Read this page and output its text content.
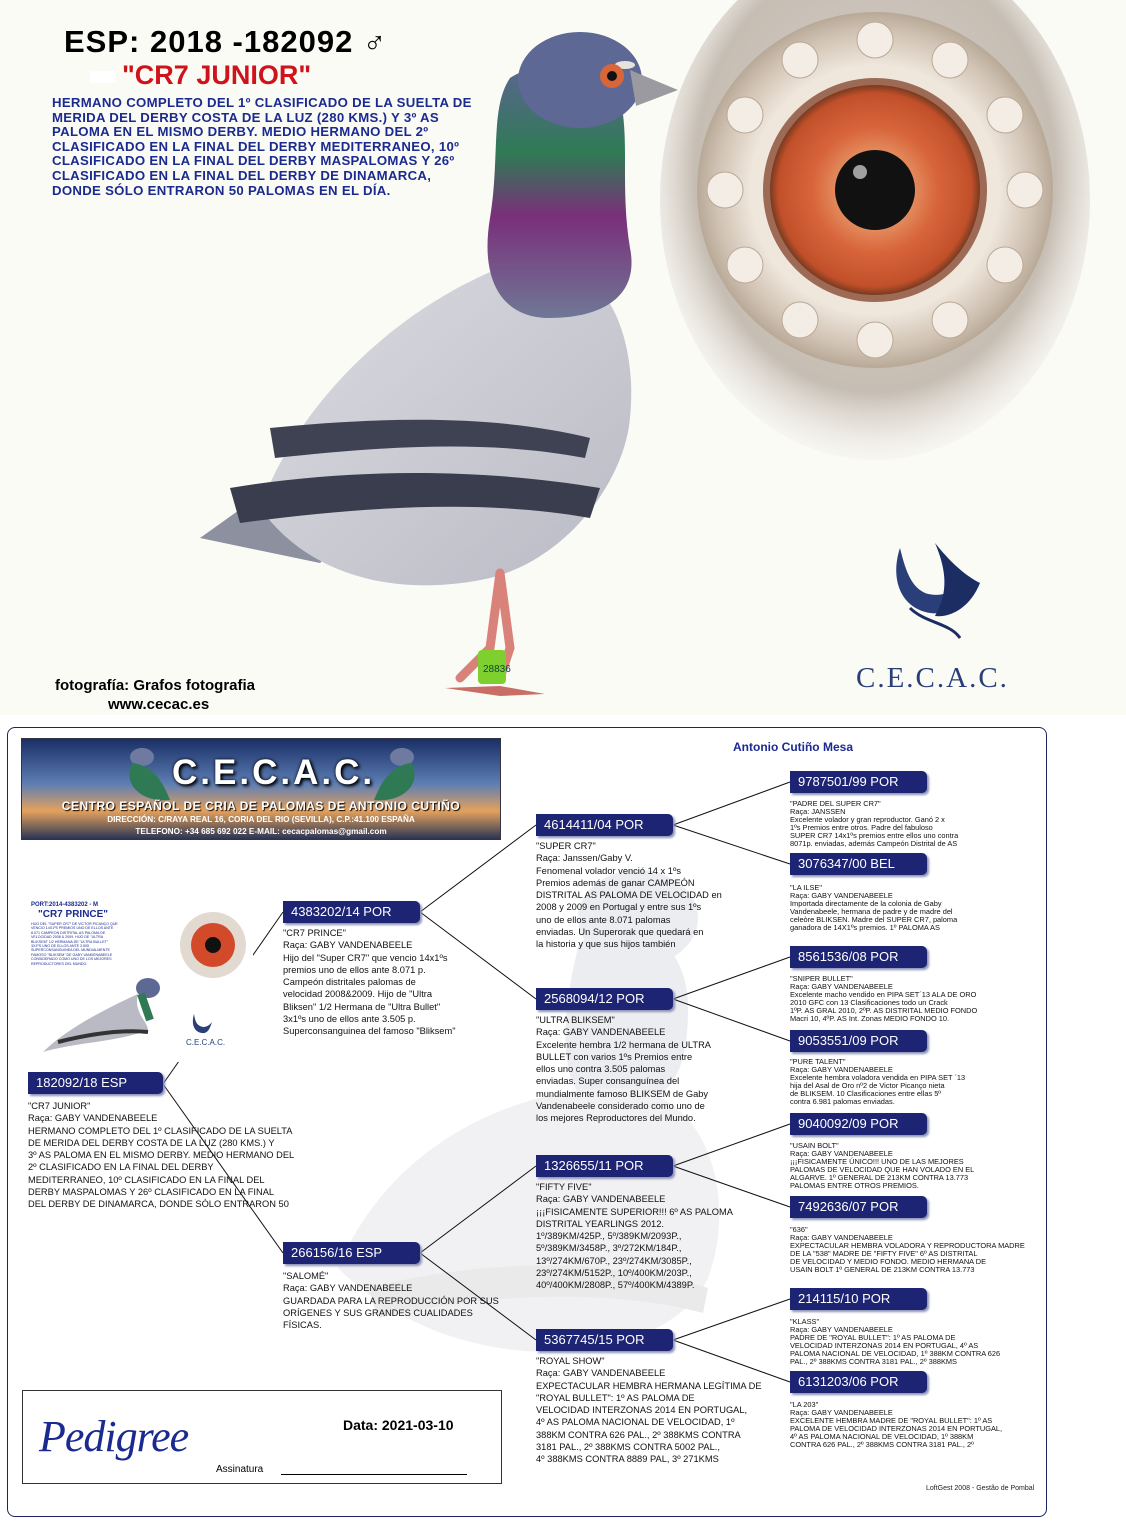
28836
ESP: 2018 -182092 ♂
"CR7 JUNIOR"
HERMANO COMPLETO DEL 1º CLASIFICADO DE LA SUELTA DE MERIDA DEL DERBY COSTA DE LA LUZ (280 KMS.) Y 3º AS PALOMA EN EL MISMO DERBY. MEDIO HERMANO DEL 2º CLASIFICADO EN LA FINAL DEL DERBY MEDITERRANEO, 10º CLASIFICADO EN LA FINAL DEL DERBY MASPALOMAS Y 26º CLASIFICADO EN LA FINAL DEL DERBY DE DINAMARCA, DONDE SÓLO ENTRARON 50 PALOMAS EN EL DÍA.
fotografía: Grafos fotografia
www.cecac.es
C.E.C.A.C.
Antonio Cutiño Mesa
C.E.C.A.C.
CENTRO ESPAÑOL DE CRIA DE PALOMAS DE ANTONIO CUTIÑO
DIRECCIÓN: C/RAYA REAL 16, CORIA DEL RIO (SEVILLA), C.P.:41.100 ESPAÑA
TELEFONO: +34 685 692 022 E-MAIL: cecacpalomas@gmail.com
PORT:2014-4383202 - M
"CR7 PRINCE"
HIJO DEL "SUPER CR7" DE VICTOR PICANÇO QUE VENCIO 14X1ºS PREMIOS UNO DE ELLOS ANTE 8.071 CAMPEON DISTRITAL AS PALOMA DE VELOCIDAD 2008 & 2009. HIJO DE "ULTRA BLIKSEM" 1/2 HERMANA DE "ULTRA BULLET" 3X1ºS UNO DE ELLOS ANTE 3.505 SUPERCONSANGUINEA DEL MUNDIALMENTE FAMOSO "BLIKSEM" DE GABY VANDENABEELE CONSIDERADO COMO UNO DE LOS MEJORES REPRODUCTORES DEL MUNDO.
C.E.C.A.C.
182092/18 ESP
"CR7 JUNIOR"
Raça: GABY VANDENABEELE
HERMANO COMPLETO DEL 1º CLASIFICADO DE LA SUELTA
DE MERIDA DEL DERBY COSTA DE LA LUZ (280 KMS.) Y
3º AS PALOMA EN EL MISMO DERBY. MEDIO HERMANO DEL
2º CLASIFICADO EN LA FINAL DEL DERBY
MEDITERRANEO, 10º CLASIFICADO EN LA FINAL DEL
DERBY MASPALOMAS Y 26º CLASIFICADO EN LA FINAL
DEL DERBY DE DINAMARCA, DONDE SÓLO ENTRARON 50
4383202/14 POR
"CR7 PRINCE"
Raça: GABY VANDENABEELE
Hijo del "Super CR7" que vencio 14x1ºs
premios uno de ellos ante 8.071 p.
Campeón distritales palomas de
velocidad 2008&2009. Hijo de "Ultra
Bliksen" 1/2 Hermana de "Ultra Bullet"
3x1ºs uno de ellos ante 3.505 p.
Superconsanguinea del famoso "Bliksem"
266156/16 ESP
"SALOMÉ"
Raça: GABY VANDENABEELE
GUARDADA PARA LA REPRODUCCIÓN POR SUS
ORÍGENES Y SUS GRANDES CUALIDADES
FÍSICAS.
4614411/04 POR
"SUPER CR7"
Raça: Janssen/Gaby V.
Fenomenal volador venció 14 x 1ºs
Premios además de ganar CAMPEÓN
DISTRITAL AS PALOMA DE VELOCIDAD en
2008 y 2009 en Portugal y entre sus 1ºs
uno de ellos ante 8.071 palomas
enviadas. Un Superorak que quedará en
la historia y que sus hijos también
2568094/12 POR
"ULTRA BLIKSEM"
Raça: GABY VANDENABEELE
Excelente hembra 1/2 hermana de ULTRA
BULLET con varios 1ºs Premios entre
ellos uno contra 3.505 palomas
enviadas. Super consanguínea del
mundialmente famoso BLIKSEM de Gaby
Vandenabeele considerado como uno de
los mejores Reproductores del Mundo.
1326655/11 POR
"FIFTY FIVE"
Raça: GABY VANDENABEELE
¡¡¡FISICAMENTE SUPERIOR!!! 6º AS PALOMA
DISTRITAL YEARLINGS 2012.
1º/389KM/425P., 5º/389KM/2093P.,
5º/389KM/3458P., 3º/272KM/184P.,
13º/274KM/670P., 23º/274KM/3085P.,
23º/274KM/5152P., 10º/400KM/203P.,
40º/400KM/2808P., 57º/400KM/4389P.
5367745/15 POR
"ROYAL SHOW"
Raça: GABY VANDENABEELE
EXPECTACULAR HEMBRA HERMANA LEGÍTIMA DE
"ROYAL BULLET": 1º AS PALOMA DE
VELOCIDAD INTERZONAS 2014 EN PORTUGAL,
4º AS PALOMA NACIONAL DE VELOCIDAD, 1º
388KM CONTRA 626 PAL., 2º 388KMS CONTRA
3181 PAL., 2º 388KMS CONTRA 5002 PAL.,
4º 388KMS CONTRA 8889 PAL, 3º 271KMS
9787501/99 POR
"PADRE DEL SUPER CR7"
Raça: JANSSEN
Excelente volador y gran reproductor. Ganó 2 x
1ºs Premios entre otros. Padre del fabuloso
SUPER CR7 14x1ºs premios entre ellos uno contra
8071p. enviadas, además Campeón Distrital de AS
3076347/00 BEL
"LA ILSE"
Raça: GABY VANDENABEELE
Importada directamente de la colonia de Gaby
Vandenabeele, hermana de padre y de madre del
celeòre BLIKSEN. Madre del SUPER CR7, paloma
ganadora de 14X1ºs premios. 1º PALOMA AS
8561536/08 POR
"SNIPER BULLET"
Raça: GABY VANDENABEELE
Excelente macho vendido en PIPA SET´13 ALA DE ORO
2010 GFC con 13 Clasificaciones todo un Crack
1ºP. AS GRAL 2010, 2ºP. AS DISTRITAL MEDIO FONDO
Macri 10, 4ºP. AS Int. Zonas MEDIO FONDO 10.
9053551/09 POR
"PURE TALENT"
Raça: GABY VANDENABEELE
Excelente hembra voladora vendida en PIPA SET ´13
hija del Asal de Oro nº2 de Victor Picanço nieta
de BLIKSEM. 10 Clasificaciones entre ellas 5º
contra 6.981 palomas enviadas.
9040092/09 POR
"USAIN BOLT"
Raça: GABY VANDENABEELE
¡¡¡FISICAMENTE ÚNICO!!! UNO DE LAS MEJORES
PALOMAS DE VELOCIDAD QUE HAN VOLADO EN EL
ALGARVE. 1º GENERAL DE 213KM CONTRA 13.773
PALOMAS ENTRE OTROS PREMIOS.
7492636/07 POR
"636"
Raça: GABY VANDENABEELE
EXPECTACULAR HEMBRA VOLADORA Y REPRODUCTORA MADRE
DE LA "538" MADRE DE "FIFTY FIVE" 6º AS DISTRITAL
DE VELOCIDAD Y MEDIO FONDO. MEDIO HERMANA DE
USAIN BOLT 1º GENERAL DE 213KM CONTRA 13.773
214115/10 POR
"KLASS"
Raça: GABY VANDENABEELE
PADRE DE "ROYAL BULLET": 1º AS PALOMA DE
VELOCIDAD INTERZONAS 2014 EN PORTUGAL, 4º AS
PALOMA NACIONAL DE VELOCIDAD, 1º 388KM CONTRA 626
PAL., 2º 388KMS CONTRA 3181 PAL., 2º 388KMS
6131203/06 POR
"LA 203"
Raça: GABY VANDENABEELE
EXCELENTE HEMBRA MADRE DE "ROYAL BULLET": 1º AS
PALOMA DE VELOCIDAD INTERZONAS 2014 EN PORTUGAL,
4º AS PALOMA NACIONAL DE VELOCIDAD, 1º 388KM
CONTRA 626 PAL., 2º 388KMS CONTRA 3181 PAL., 2º
Pedigree	Data: 2021-03-10
Assinatura
LoftGest 2008 - Gestão de Pombal
